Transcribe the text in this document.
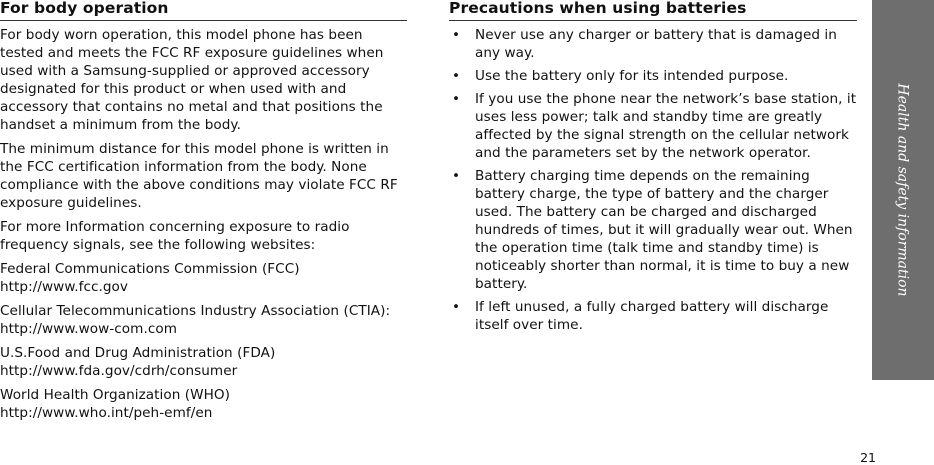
For body operation

For body worn operation, this model phone has been tested and meets the FCC RF exposure guidelines when used with a Samsung-supplied or approved accessory designated for this product or when used with and accessory that contains no metal and that positions the handset a minimum from the body.

The minimum distance for this model phone is written in the FCC certification information from the body. None compliance with the above conditions may violate FCC RF exposure guidelines.

For more Information concerning exposure to radio frequency signals, see the following websites:

Federal Communications Commission (FCC)
http://www.fcc.gov

Cellular Telecommunications Industry Association (CTIA):
http://www.wow-com.com

U.S.Food and Drug Administration (FDA)
http://www.fda.gov/cdrh/consumer

World Health Organization (WHO)
http://www.who.int/peh-emf/en

Precautions when using batteries
• Never use any charger or battery that is damaged in any way.
• Use the battery only for its intended purpose.
• If you use the phone near the network’s base station, it uses less power; talk and standby time are greatly affected by the signal strength on the cellular network and the parameters set by the network operator.
• Battery charging time depends on the remaining battery charge, the type of battery and the charger used. The battery can be charged and discharged hundreds of times, but it will gradually wear out. When the operation time (talk time and standby time) is noticeably shorter than normal, it is time to buy a new battery.
• If left unused, a fully charged battery will discharge itself over time.
Health and safety information
21
